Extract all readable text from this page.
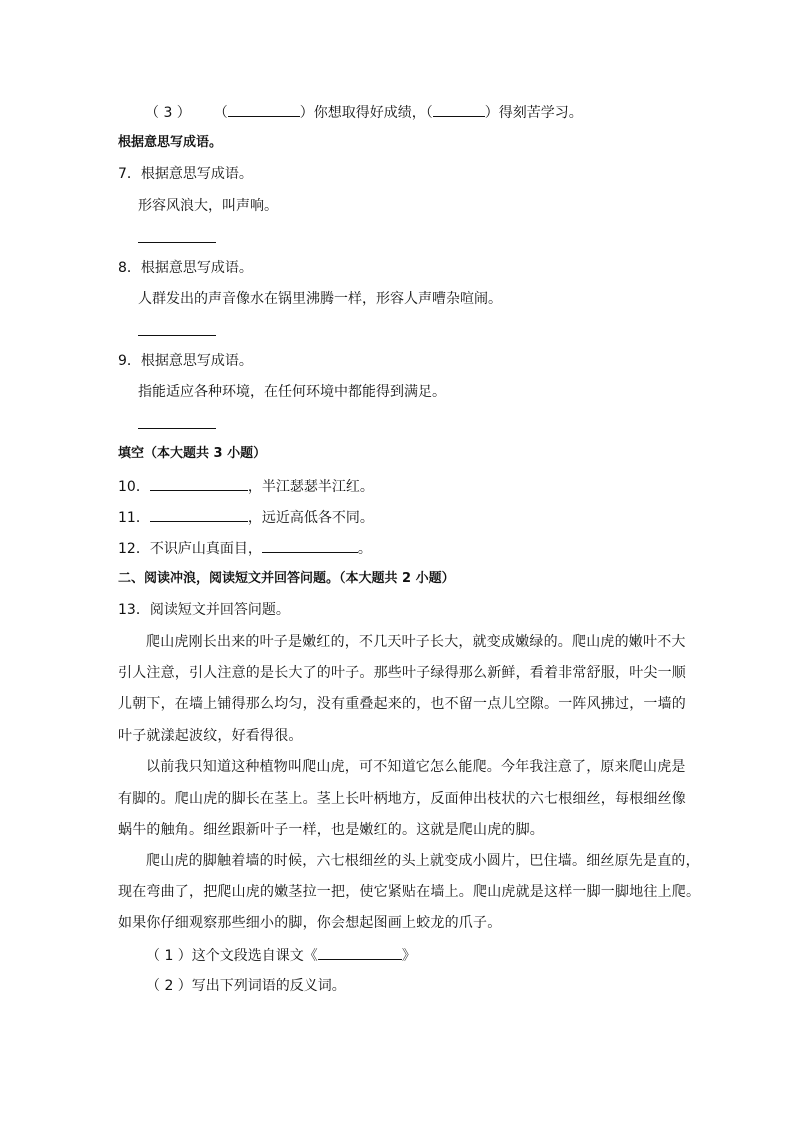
（ 3 ） （	）你想取得好成绩，（	）得刻苦学习。
根据意思写成语。
7．根据意思写成语。
形容风浪大，叫声响。
8．根据意思写成语。
人群发出的声音像水在锅里沸腾一样，形容人声嘈杂喧闹。
9．根据意思写成语。
指能适应各种环境，在任何环境中都能得到满足。
填空（本大题共 3 小题）
10．	，半江瑟瑟半江红。
11．	，远近高低各不同。
12．不识庐山真面目，	。
二、阅读冲浪，阅读短文并回答问题。（本大题共 2 小题）
13．阅读短文并回答问题。
爬山虎刚长出来的叶子是嫩红的，不几天叶子长大，就变成嫩绿的。爬山虎的嫩叶不大
引人注意，引人注意的是长大了的叶子。那些叶子绿得那么新鲜，看着非常舒服，叶尖一顺
儿朝下，在墙上铺得那么均匀，没有重叠起来的，也不留一点儿空隙。一阵风拂过，一墙的
叶子就漾起波纹，好看得很。
以前我只知道这种植物叫爬山虎，可不知道它怎么能爬。今年我注意了，原来爬山虎是
有脚的。爬山虎的脚长在茎上。茎上长叶柄地方，反面伸出枝状的六七根细丝，每根细丝像
蜗牛的触角。细丝跟新叶子一样，也是嫩红的。这就是爬山虎的脚。
爬山虎的脚触着墙的时候，六七根细丝的头上就变成小圆片，巴住墙。细丝原先是直的，
现在弯曲了，把爬山虎的嫩茎拉一把，使它紧贴在墙上。爬山虎就是这样一脚一脚地往上爬。
如果你仔细观察那些细小的脚，你会想起图画上蛟龙的爪子。
（ 1 ）这个文段选自课文《	》
（ 2 ）写出下列词语的反义词。
